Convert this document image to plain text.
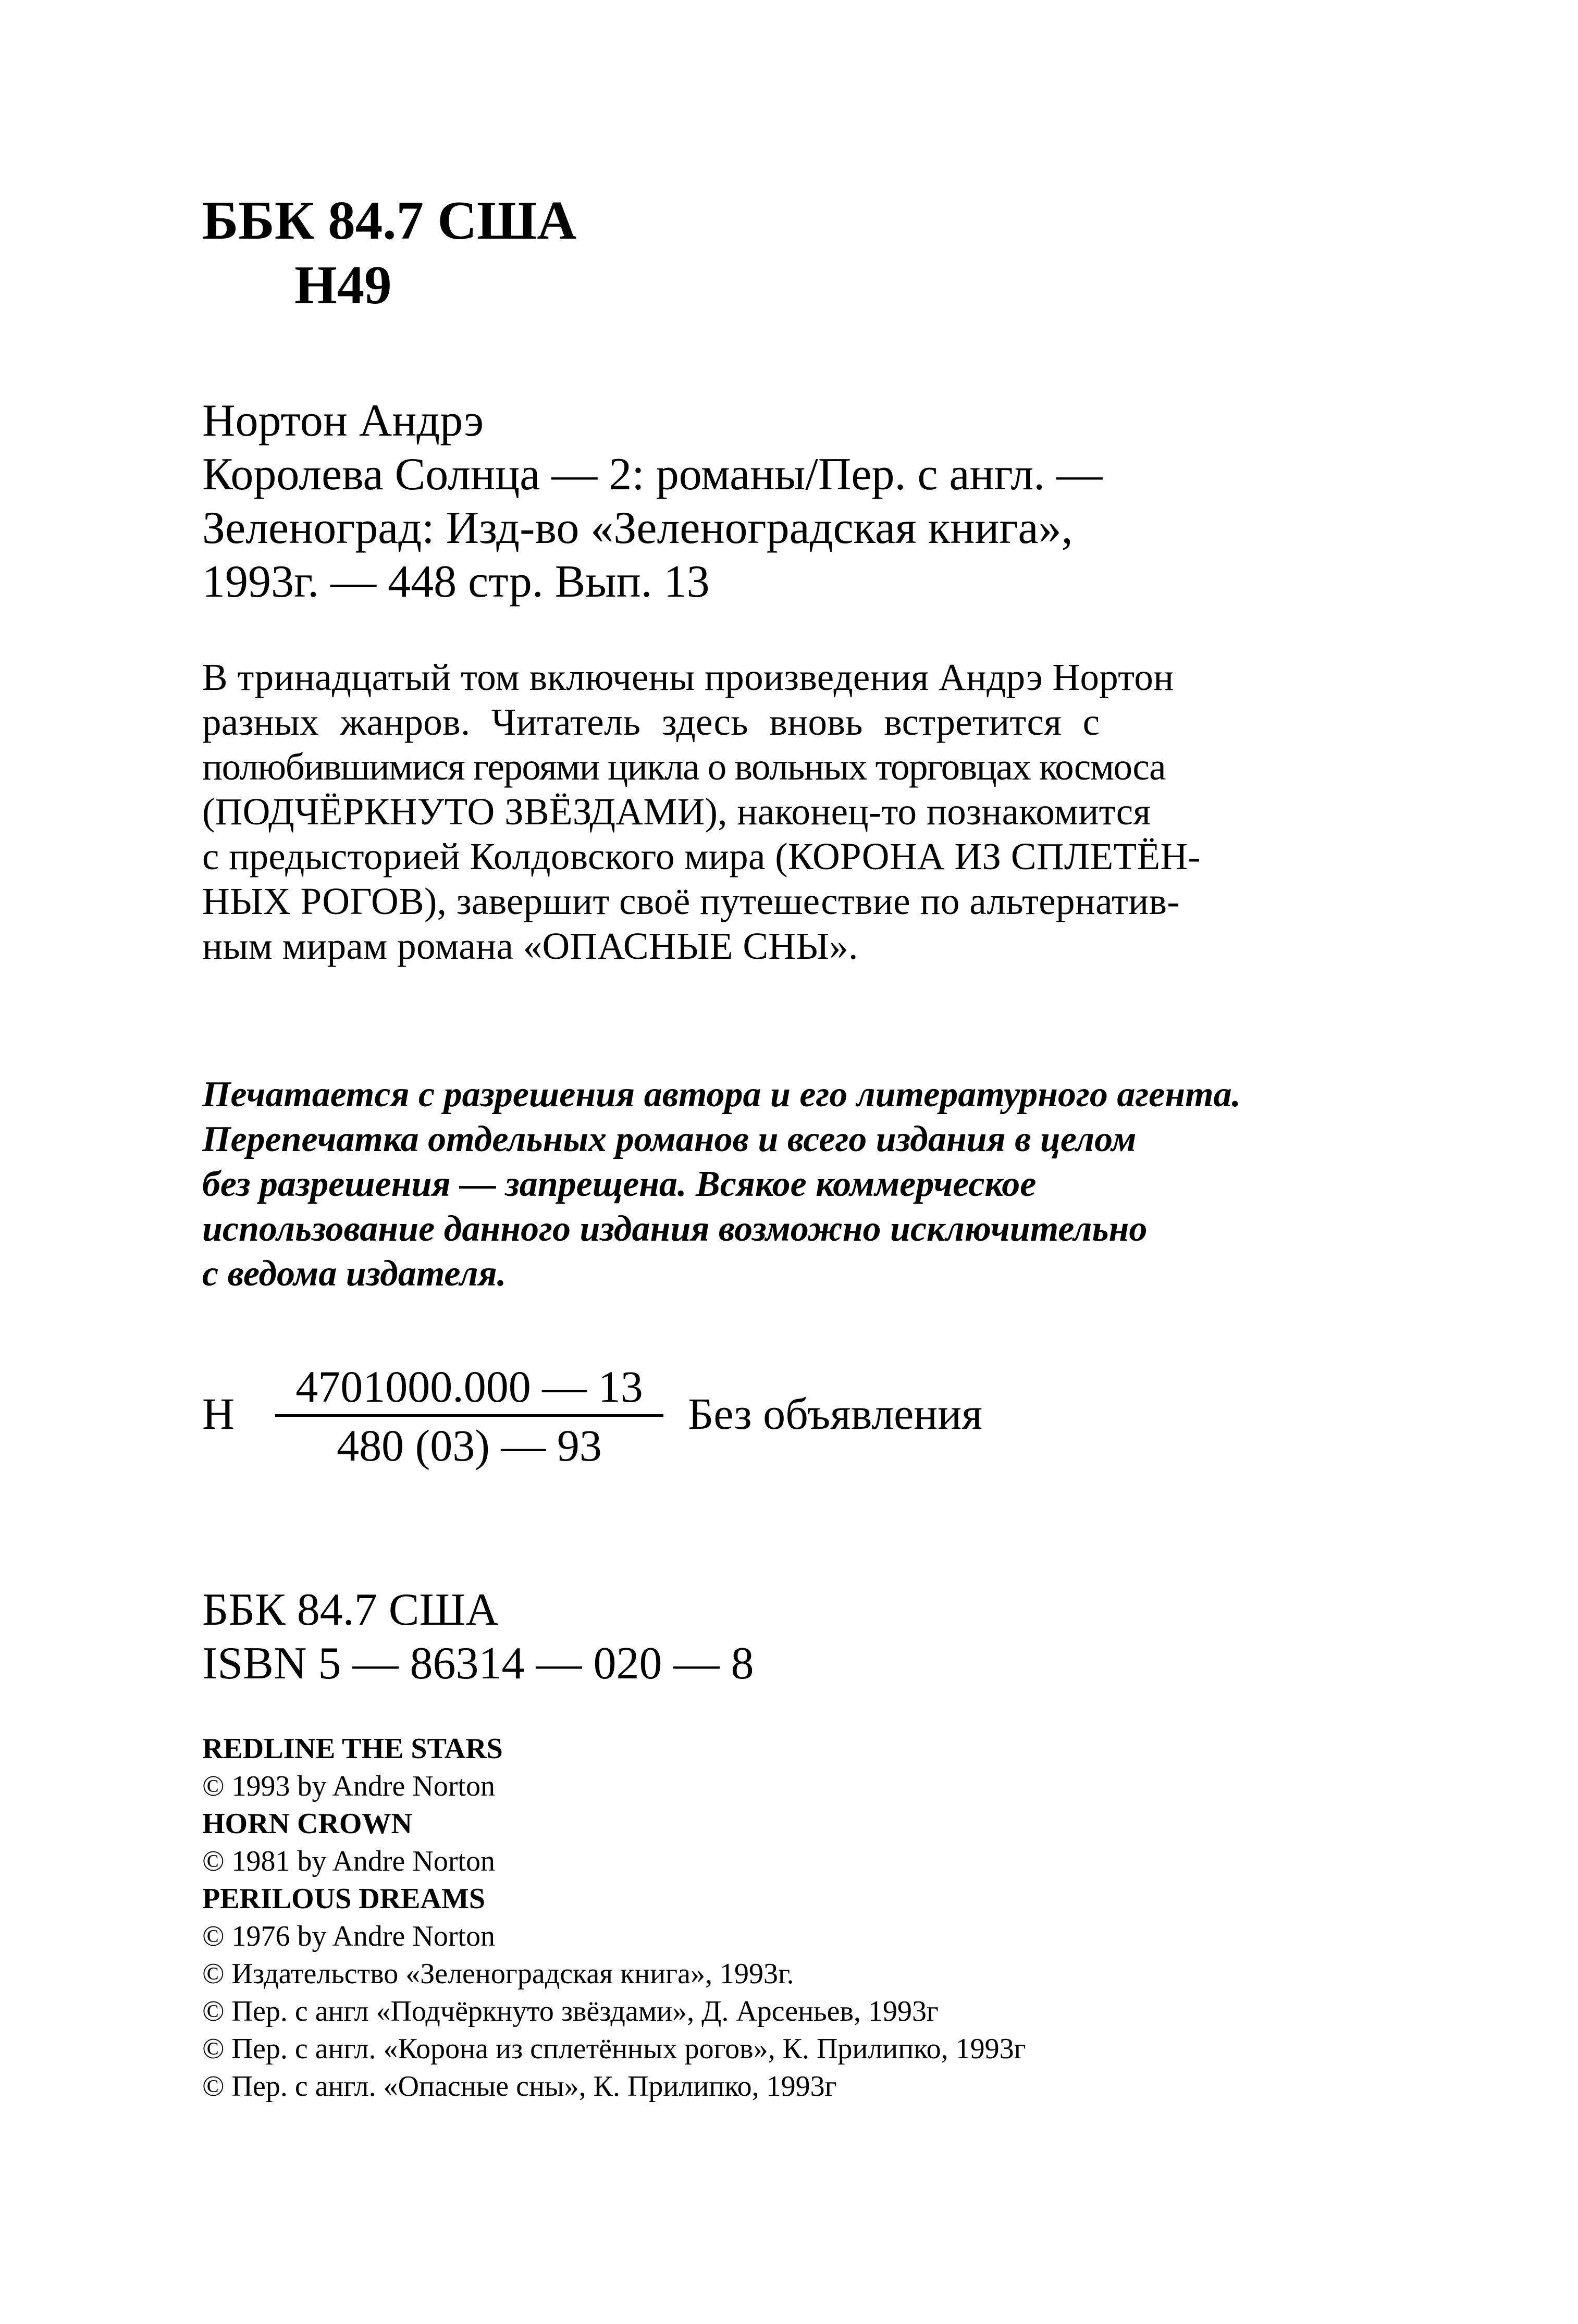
ББК 84.7 США
Н49
Нортон Андрэ
Королева Солнца — 2: романы/Пер. с англ. —
Зеленоград: Изд-во «Зеленоградская книга»,
1993г. — 448 стр. Вып. 13
В тринадцатый том включены произведения Андрэ Нортон
разных жанров. Читатель здесь вновь встретится с
полюбившимися героями цикла о вольных торговцах космоса
(ПОДЧЁРКНУТО ЗВЁЗДАМИ), наконец-то познакомится
с предысторией Колдовского мира (КОРОНА ИЗ СПЛЕТЁН-
НЫХ РОГОВ), завершит своё путешествие по альтернатив-
ным мирам романа «ОПАСНЫЕ СНЫ».
Печатается с разрешения автора и его литературного агента.
Перепечатка отдельных романов и всего издания в целом
без разрешения — запрещена. Всякое коммерческое
использование данного издания возможно исключительно
с ведома издателя.
Н
4701000.000 — 13
480 (03) — 93
Без объявления
ББК 84.7 США
ISBN 5 — 86314 — 020 — 8
REDLINE THE STARS
© 1993 by Andre Norton
HORN CROWN
© 1981 by Andre Norton
PERILOUS DREAMS
© 1976 by Andre Norton
© Издательство «Зеленоградская книга», 1993г.
© Пер. с англ «Подчёркнуто звёздами», Д. Арсеньев, 1993г
© Пер. с англ. «Корона из сплетённых рогов», К. Прилипко, 1993г
© Пер. с англ. «Опасные сны», К. Прилипко, 1993г
